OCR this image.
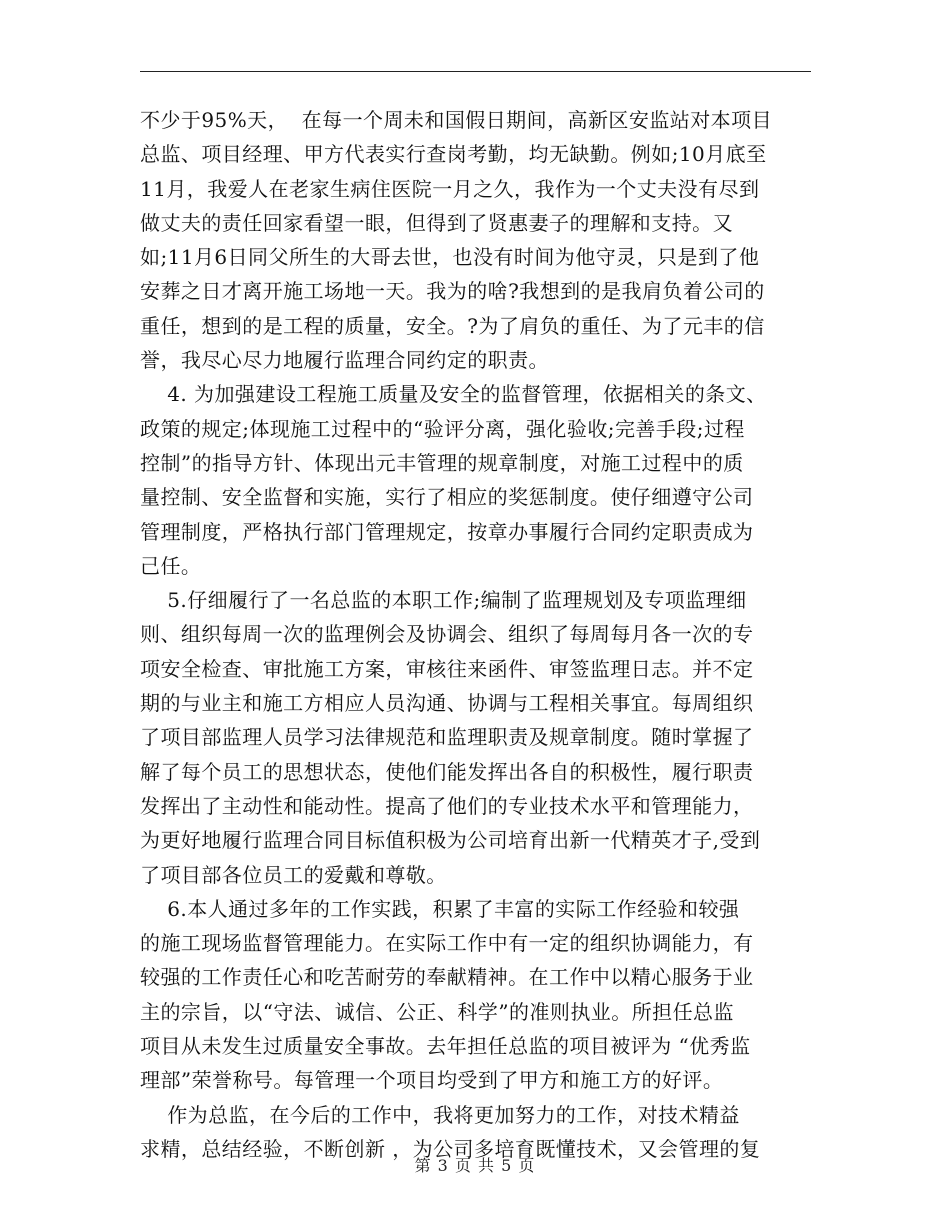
不少于95%天，  在每一个周未和国假日期间，高新区安监站对本项目
总监、项目经理、甲方代表实行查岗考勤，均无缺勤。例如;10月底至
11月，我爱人在老家生病住医院一月之久，我作为一个丈夫没有尽到
做丈夫的责任回家看望一眼，但得到了贤惠妻子的理解和支持。又
如;11月6日同父所生的大哥去世，也没有时间为他守灵，只是到了他
安葬之日才离开施工场地一天。我为的啥?我想到的是我肩负着公司的
重任，想到的是工程的质量，安全。?为了肩负的重任、为了元丰的信
誉，我尽心尽力地履行监理合同约定的职责。
4. 为加强建设工程施工质量及安全的监督管理，依据相关的条文、
政策的规定;体现施工过程中的“验评分离，强化验收;完善手段;过程
控制”的指导方针、体现出元丰管理的规章制度，对施工过程中的质
量控制、安全监督和实施，实行了相应的奖惩制度。使仔细遵守公司
管理制度，严格执行部门管理规定，按章办事履行合同约定职责成为
己任。
5.仔细履行了一名总监的本职工作;编制了监理规划及专项监理细
则、组织每周一次的监理例会及协调会、组织了每周每月各一次的专
项安全检查、审批施工方案，审核往来函件、审签监理日志。并不定
期的与业主和施工方相应人员沟通、协调与工程相关事宜。每周组织
了项目部监理人员学习法律规范和监理职责及规章制度。随时掌握了
解了每个员工的思想状态，使他们能发挥出各自的积极性，履行职责
发挥出了主动性和能动性。提高了他们的专业技术水平和管理能力，
为更好地履行监理合同目标值积极为公司培育出新一代精英才子,受到
了项目部各位员工的爱戴和尊敬。
6.本人通过多年的工作实践，积累了丰富的实际工作经验和较强
的施工现场监督管理能力。在实际工作中有一定的组织协调能力，有
较强的工作责任心和吃苦耐劳的奉献精神。在工作中以精心服务于业
主的宗旨，以“守法、诚信、公正、科学”的准则执业。所担任总监
项目从未发生过质量安全事故。去年担任总监的项目被评为 “优秀监
理部”荣誉称号。每管理一个项目均受到了甲方和施工方的好评。
作为总监，在今后的工作中，我将更加努力的工作，对技术精益
求精，总结经验，不断创新 ，为公司多培育既懂技术，又会管理的复
第 3 页 共 5 页
